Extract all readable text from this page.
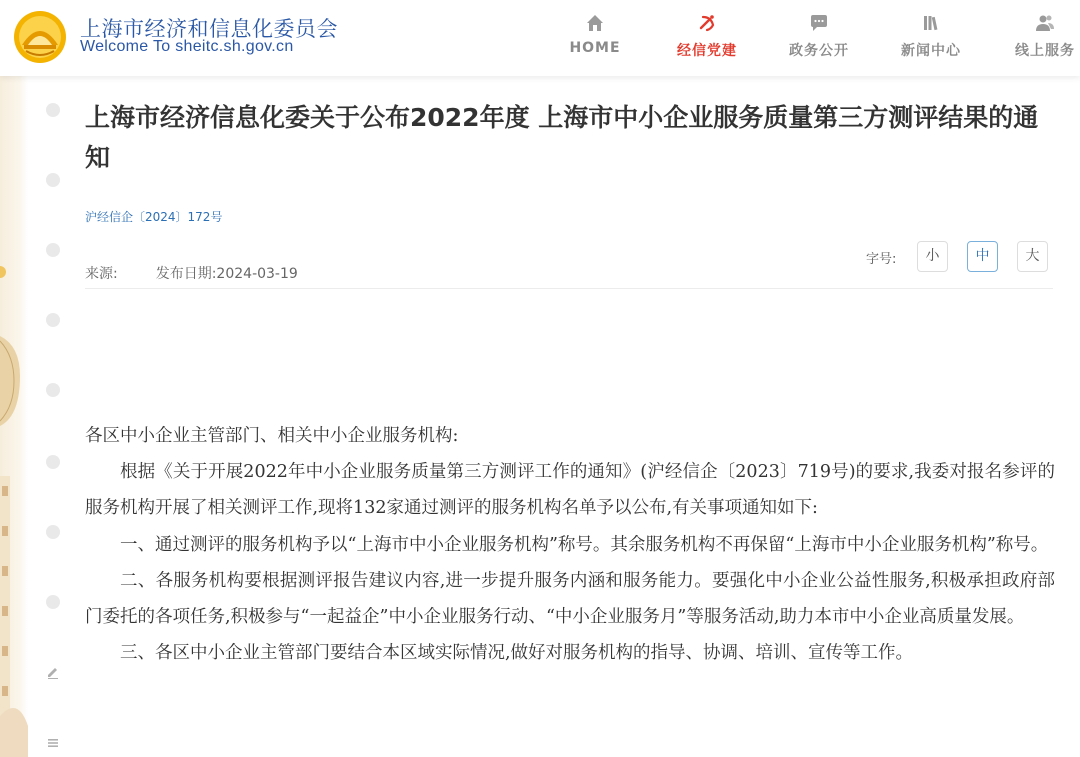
上海市经济和信息化委员会
Welcome To sheitc.sh.gov.cn	HOME	经信党建	政务公开	新闻中心	线上服务
上海市经济信息化委关于公布2022年度 上海市中小企业服务质量第三方测评结果的通知
沪经信企〔2024〕172号
字号:	小	中	大
来源:	发布日期:2024-03-19

各区中小企业主管部门、相关中小企业服务机构:

根据《关于开展2022年中小企业服务质量第三方测评工作的通知》(沪经信企〔2023〕719号)的要求,我委对报名参评的服务机构开展了相关测评工作,现将132家通过测评的服务机构名单予以公布,有关事项通知如下:

一、通过测评的服务机构予以“上海市中小企业服务机构”称号。其余服务机构不再保留“上海市中小企业服务机构”称号。

二、各服务机构要根据测评报告建议内容,进一步提升服务内涵和服务能力。要强化中小企业公益性服务,积极承担政府部门委托的各项任务,积极参与“一起益企”中小企业服务行动、“中小企业服务月”等服务活动,助力本市中小企业高质量发展。

三、各区中小企业主管部门要结合本区域实际情况,做好对服务机构的指导、协调、培训、宣传等工作。
